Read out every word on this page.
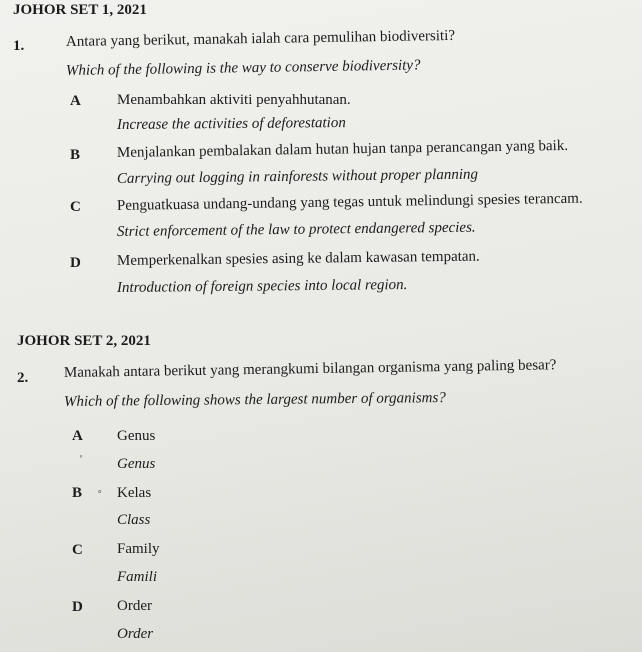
JOHOR SET 1, 2021
1.	Antara yang berikut, manakah ialah cara pemulihan biodiversiti?
Which of the following is the way to conserve biodiversity?
A Menambahkan aktiviti penyahhutanan.
Increase the activities of deforestation
B Menjalankan pembalakan dalam hutan hujan tanpa perancangan yang baik.
Carrying out logging in rainforests without proper planning
C Penguatkuasa undang-undang yang tegas untuk melindungi spesies terancam.
Strict enforcement of the law to protect endangered species.
D Memperkenalkan spesies asing ke dalam kawasan tempatan.
Introduction of foreign species into local region.
JOHOR SET 2, 2021
2. Manakah antara berikut yang merangkumi bilangan organisma yang paling besar?
Which of the following shows the largest number of organisms?
A Genus
ᵉ Genus
B ∘ Kelas
Class
C Family
Famili
D Order
Order
